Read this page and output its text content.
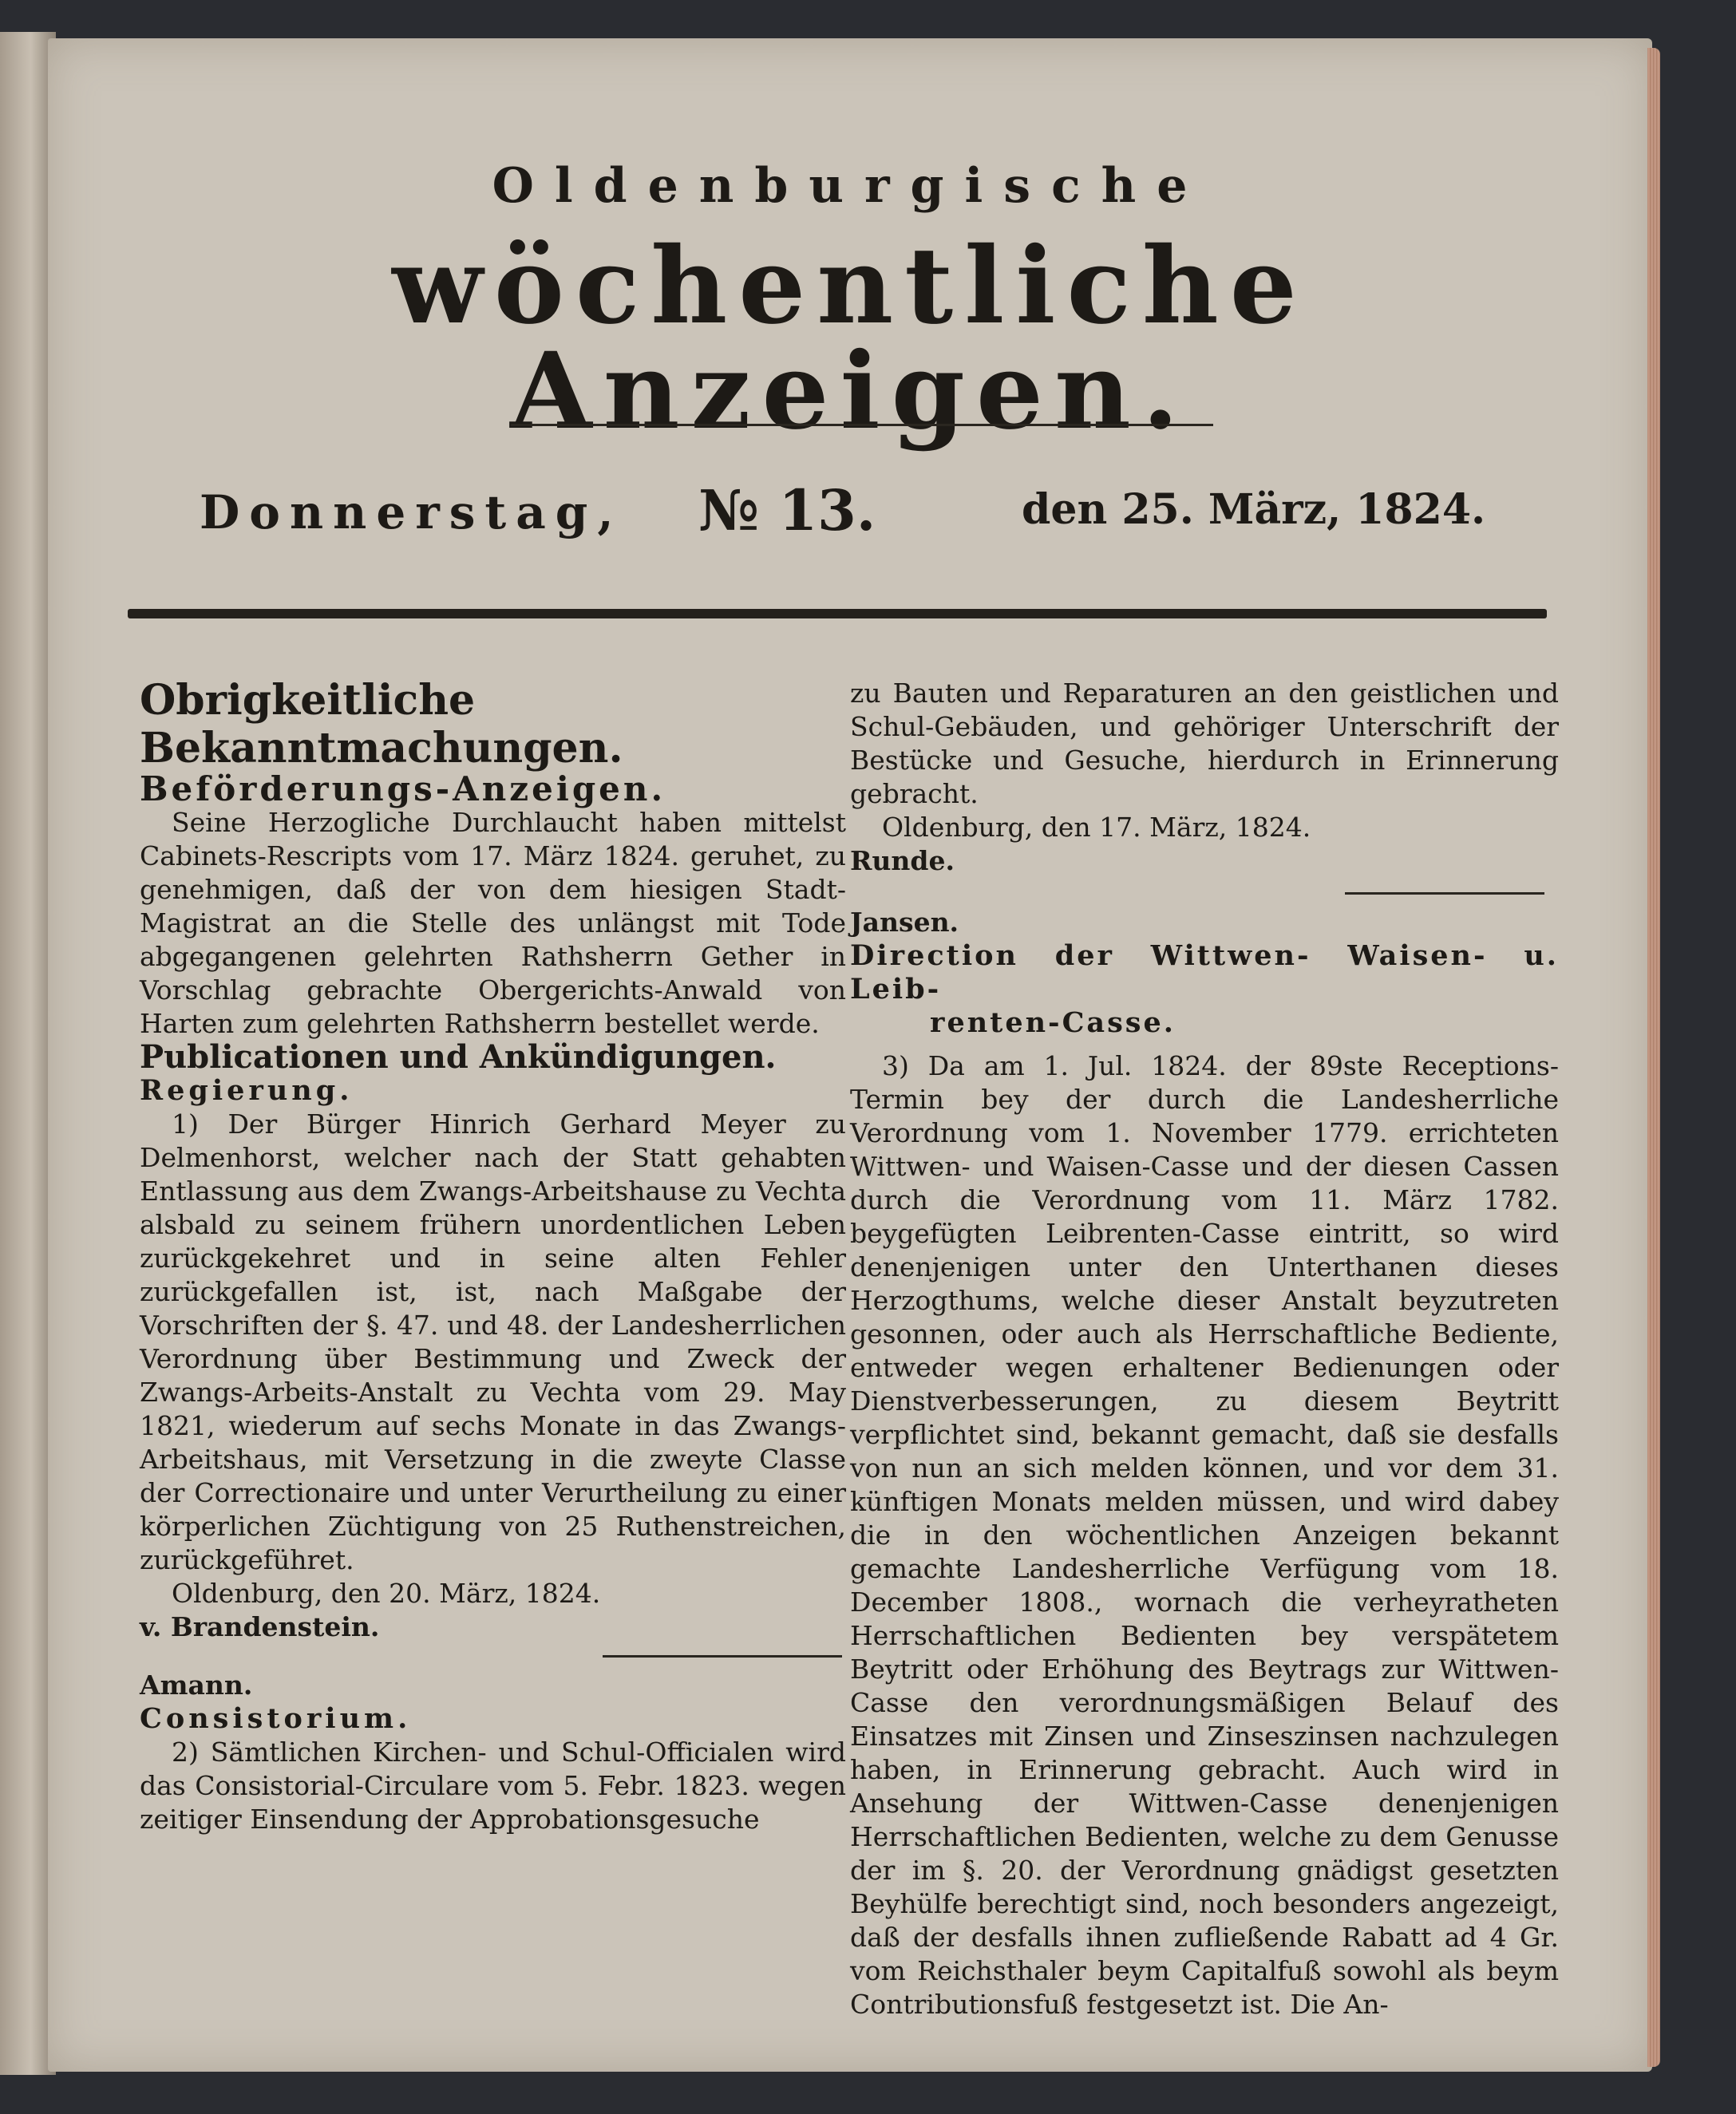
Oldenburgische
wöchentliche Anzeigen.
Donnerstag, № 13.	den 25. März, 1824.

Obrigkeitliche Bekanntmachungen.

Beförderungs-Anzeigen.

Seine Herzogliche Durchlaucht haben mittelst Cabinets-Rescripts vom 17. März 1824. geruhet, zu genehmigen, daß der von dem hiesigen Stadt-Magistrat an die Stelle des unlängst mit Tode abgegangenen gelehrten Rathsherrn Gether in Vorschlag gebrachte Obergerichts-Anwald von Harten zum gelehrten Rathsherrn bestellet werde.

Publicationen und Ankündigungen.

Regierung.

1) Der Bürger Hinrich Gerhard Meyer zu Delmenhorst, welcher nach der Statt gehabten Entlassung aus dem Zwangs-Arbeitshause zu Vechta alsbald zu seinem frühern unordentlichen Leben zurückgekehret und in seine alten Fehler zurückgefallen ist, ist, nach Maßgabe der Vorschriften der §. 47. und 48. der Landesherrlichen Verordnung über Bestimmung und Zweck der Zwangs-Arbeits-Anstalt zu Vechta vom 29. May 1821, wiederum auf sechs Monate in das Zwangs-Arbeitshaus, mit Versetzung in die zweyte Classe der Correctionaire und unter Verurtheilung zu einer körperlichen Züchtigung von 25 Ruthenstreichen, zurückgeführet.

Oldenburg, den 20. März, 1824.

v. Brandenstein.

Amann.

Consistorium.

2) Sämtlichen Kirchen- und Schul-Officialen wird das Consistorial-Circulare vom 5. Febr. 1823. wegen zeitiger Einsendung der Approbationsgesuche

zu Bauten und Reparaturen an den geistlichen und Schul-Gebäuden, und gehöriger Unterschrift der Bestücke und Gesuche, hierdurch in Erinnerung gebracht.

Oldenburg, den 17. März, 1824.

Runde.

Jansen.

Direction der Wittwen- Waisen- u. Leib-

renten-Casse.

3) Da am 1. Jul. 1824. der 89ste Receptions-Termin bey der durch die Landesherrliche Verordnung vom 1. November 1779. errichteten Wittwen- und Waisen-Casse und der diesen Cassen durch die Verordnung vom 11. März 1782. beygefügten Leibrenten-Casse eintritt, so wird denenjenigen unter den Unterthanen dieses Herzogthums, welche dieser Anstalt beyzutreten gesonnen, oder auch als Herrschaftliche Bediente, entweder wegen erhaltener Bedienungen oder Dienstverbesserungen, zu diesem Beytritt verpflichtet sind, bekannt gemacht, daß sie desfalls von nun an sich melden können, und vor dem 31. künftigen Monats melden müssen, und wird dabey die in den wöchentlichen Anzeigen bekannt gemachte Landesherrliche Verfügung vom 18. December 1808., wornach die verheyratheten Herrschaftlichen Bedienten bey verspätetem Beytritt oder Erhöhung des Beytrags zur Wittwen-Casse den verordnungsmäßigen Belauf des Einsatzes mit Zinsen und Zinseszinsen nachzulegen haben, in Erinnerung gebracht. Auch wird in Ansehung der Wittwen-Casse denenjenigen Herrschaftlichen Bedienten, welche zu dem Genusse der im §. 20. der Verordnung gnädigst gesetzten Beyhülfe berechtigt sind, noch besonders angezeigt, daß der desfalls ihnen zufließende Rabatt ad 4 Gr. vom Reichsthaler beym Capitalfuß sowohl als beym Contributionsfuß festgesetzt ist. Die An-
